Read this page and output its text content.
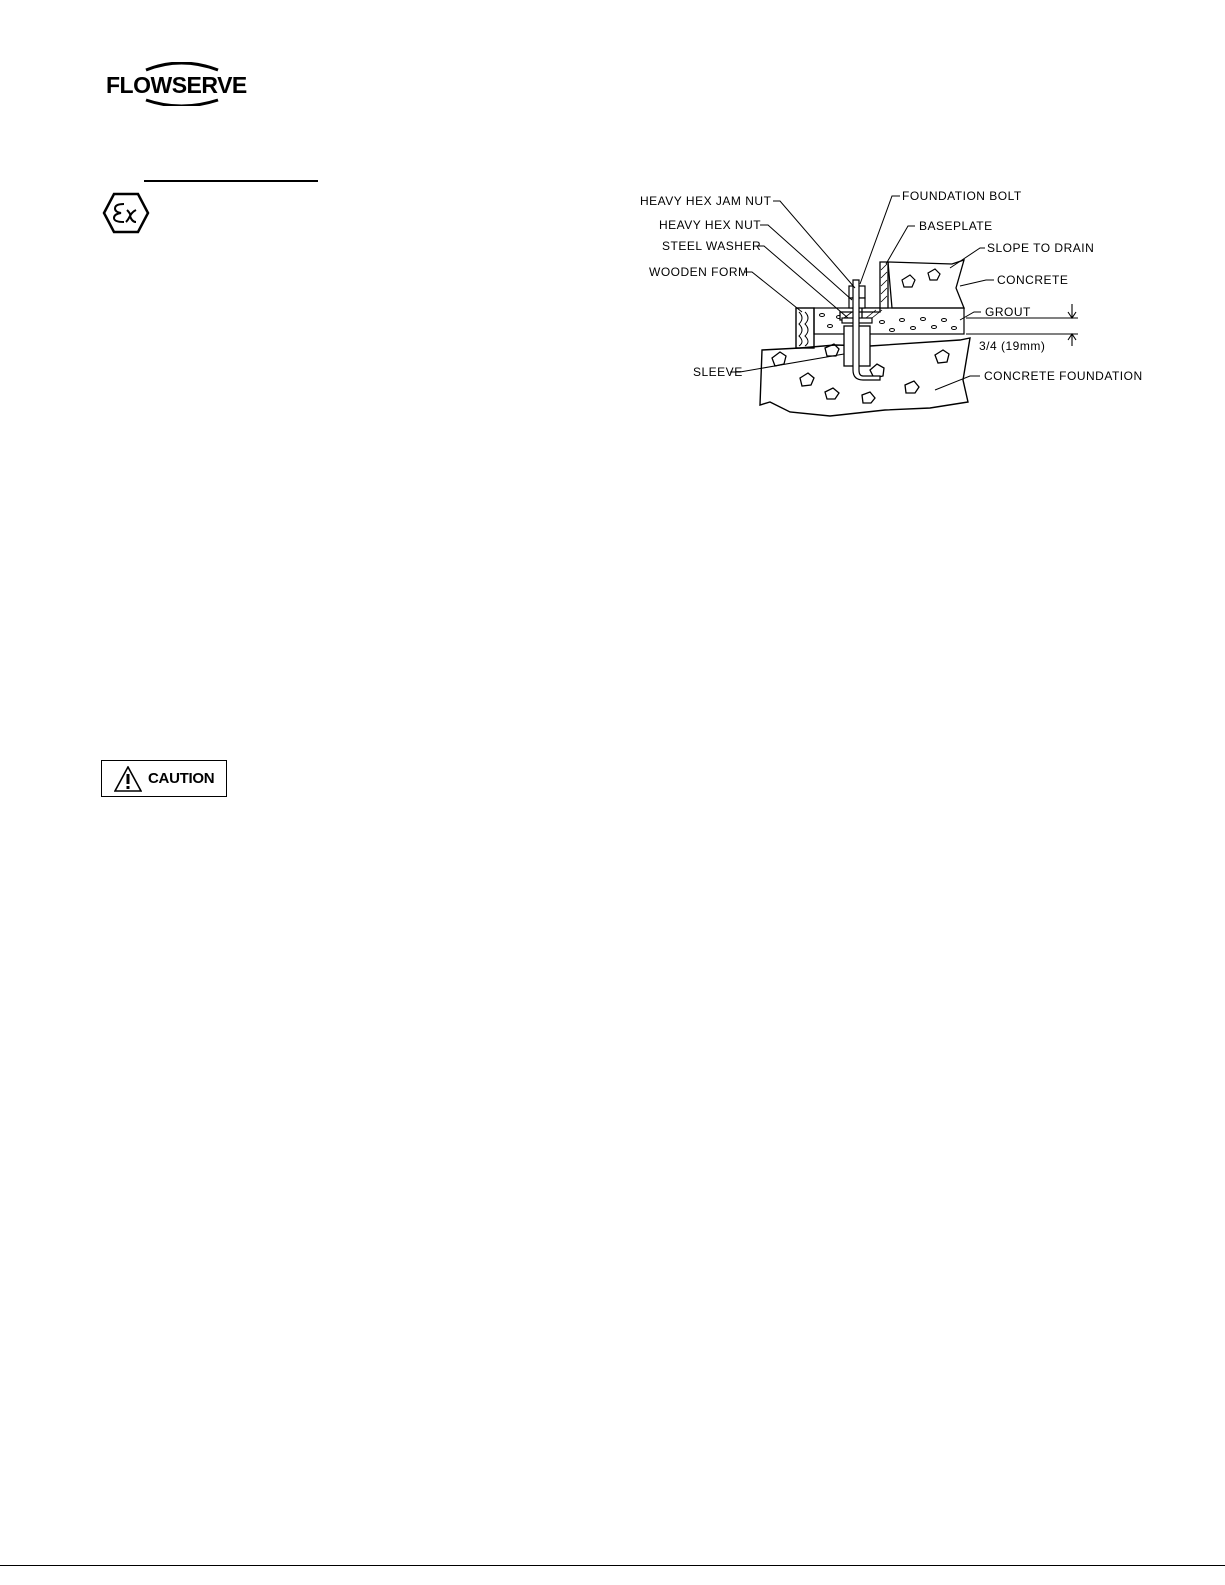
FLOWSERVE
CAUTION
HEAVY HEX JAM NUT
HEAVY HEX NUT
STEEL WASHER
WOODEN FORM
SLEEVE
FOUNDATION BOLT
BASEPLATE
SLOPE TO DRAIN
CONCRETE
GROUT
3/4 (19mm)
CONCRETE FOUNDATION
